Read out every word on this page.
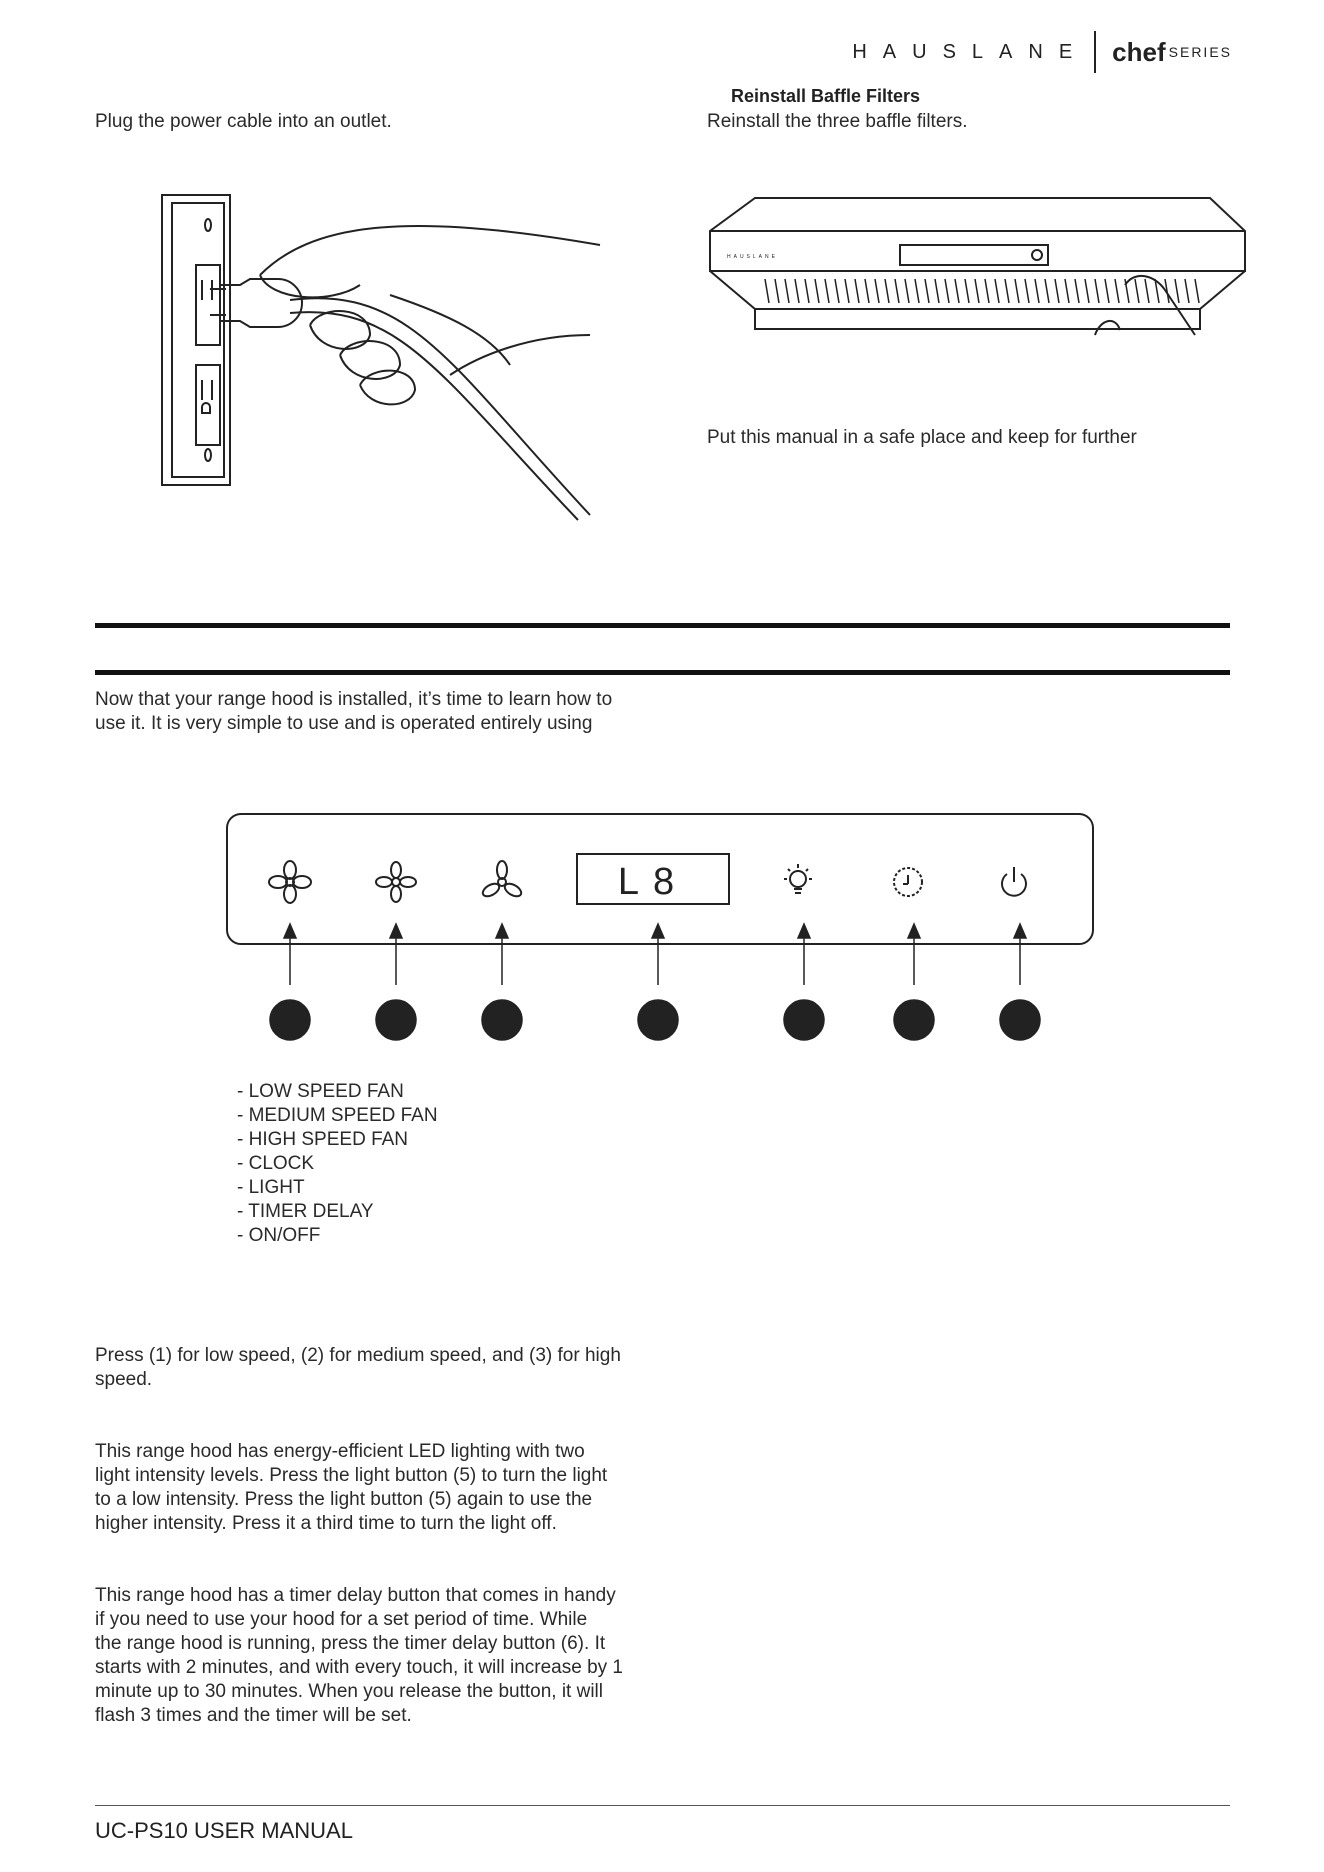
HAUSLANE chef SERIES
Plug the power cable into an outlet.
Reinstall Baffle Filters
Reinstall the three baffle filters.
HAUSLANE
Put this manual in a safe place and keep for further
Now that your range hood is installed, it’s time to learn how to
use it. It is very simple to use and is operated entirely using
L8
- LOW SPEED FAN
- MEDIUM SPEED FAN
- HIGH SPEED FAN
- CLOCK
- LIGHT
- TIMER DELAY
- ON/OFF
Press (1) for low speed, (2) for medium speed, and (3) for high
speed.
This range hood has energy-efficient LED lighting with two
light intensity levels. Press the light button (5) to turn the light
to a low intensity. Press the light button (5) again to use the
higher intensity. Press it a third time to turn the light off.
This range hood has a timer delay button that comes in handy
if you need to use your hood for a set period of time. While
the range hood is running, press the timer delay button (6). It
starts with 2 minutes, and with every touch, it will increase by 1
minute up to 30 minutes. When you release the button, it will
flash 3 times and the timer will be set.
UC-PS10 USER MANUAL
